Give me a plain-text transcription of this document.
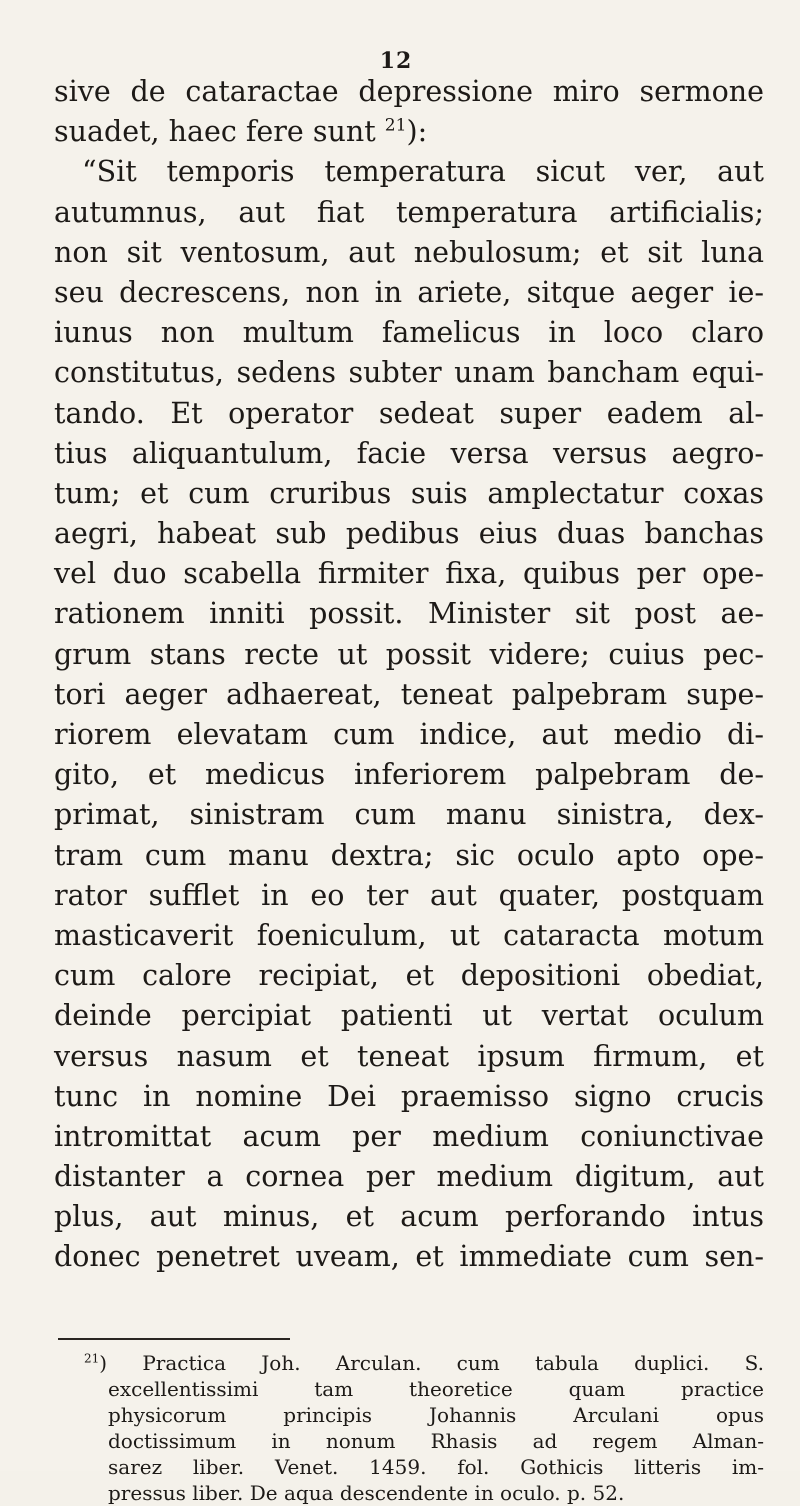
12
sive de cataractae depressione miro sermone
suadet, haec fere sunt $^{21}$):
“Sit temporis temperatura sicut ver, aut
autumnus, aut fiat temperatura artificialis;
non sit ventosum, aut nebulosum; et sit luna
seu decrescens, non in ariete, sitque aeger ie-
iunus non multum famelicus in loco claro
constitutus, sedens subter unam bancham equi-
tando. Et operator sedeat super eadem al-
tius aliquantulum, facie versa versus aegro-
tum; et cum cruribus suis amplectatur coxas
aegri, habeat sub pedibus eius duas banchas
vel duo scabella firmiter fixa, quibus per ope-
rationem inniti possit. Minister sit post ae-
grum stans recte ut possit videre; cuius pec-
tori aeger adhaereat, teneat palpebram supe-
riorem elevatam cum indice, aut medio di-
gito, et medicus inferiorem palpebram de-
primat, sinistram cum manu sinistra, dex-
tram cum manu dextra; sic oculo apto ope-
rator sufflet in eo ter aut quater, postquam
masticaverit foeniculum, ut cataracta motum
cum calore recipiat, et depositioni obediat,
deinde percipiat patienti ut vertat oculum
versus nasum et teneat ipsum firmum, et
tunc in nomine Dei praemisso signo crucis
intromittat acum per medium coniunctivae
distanter a cornea per medium digitum, aut
plus, aut minus, et acum perforando intus
donec penetret uveam, et immediate cum sen-
$^{21}$) Practica Joh. Arculan. cum tabula duplici. S.
excellentissimi tam theoretice quam practice
physicorum principis Johannis Arculani opus
doctissimum in nonum Rhasis ad regem Alman-
sarez liber. Venet. 1459. fol. Gothicis litteris im-
pressus liber. De aqua descendente in oculo. p. 52.
